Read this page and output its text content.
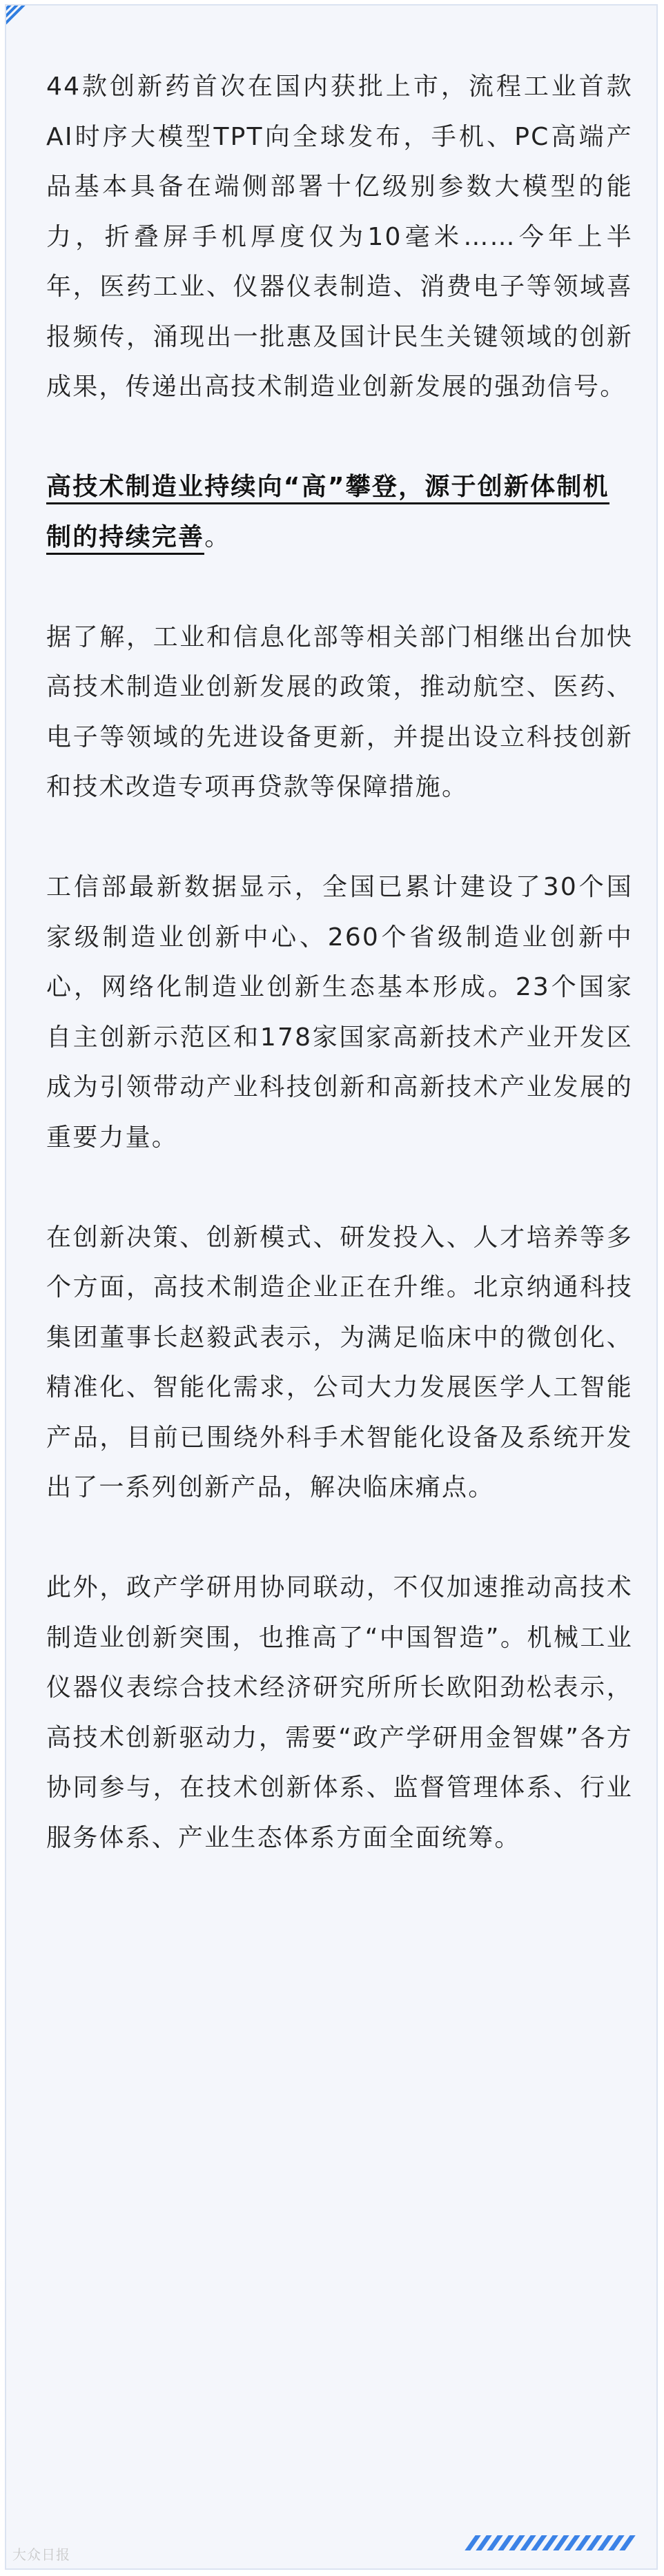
44款创新药首次在国内获批上市，流程工业首款AI时序大模型TPT向全球发布，手机、PC高端产品基本具备在端侧部署十亿级别参数大模型的能力，折叠屏手机厚度仅为10毫米……今年上半年，医药工业、仪器仪表制造、消费电子等领域喜报频传，涌现出一批惠及国计民生关键领域的创新成果，传递出高技术制造业创新发展的强劲信号。

高技术制造业持续向“高”攀登，源于创新体制机制的持续完善。

据了解，工业和信息化部等相关部门相继出台加快高技术制造业创新发展的政策，推动航空、医药、电子等领域的先进设备更新，并提出设立科技创新和技术改造专项再贷款等保障措施。

工信部最新数据显示，全国已累计建设了30个国家级制造业创新中心、260个省级制造业创新中心，网络化制造业创新生态基本形成。23个国家自主创新示范区和178家国家高新技术产业开发区成为引领带动产业科技创新和高新技术产业发展的重要力量。

在创新决策、创新模式、研发投入、人才培养等多个方面，高技术制造企业正在升维。北京纳通科技集团董事长赵毅武表示，为满足临床中的微创化、精准化、智能化需求，公司大力发展医学人工智能产品，目前已围绕外科手术智能化设备及系统开发出了一系列创新产品，解决临床痛点。

此外，政产学研用协同联动，不仅加速推动高技术制造业创新突围，也推高了“中国智造”。机械工业仪器仪表综合技术经济研究所所长欧阳劲松表示，高技术创新驱动力，需要“政产学研用金智媒”各方协同参与，在技术创新体系、监督管理体系、行业服务体系、产业生态体系方面全面统筹。

大众日报
